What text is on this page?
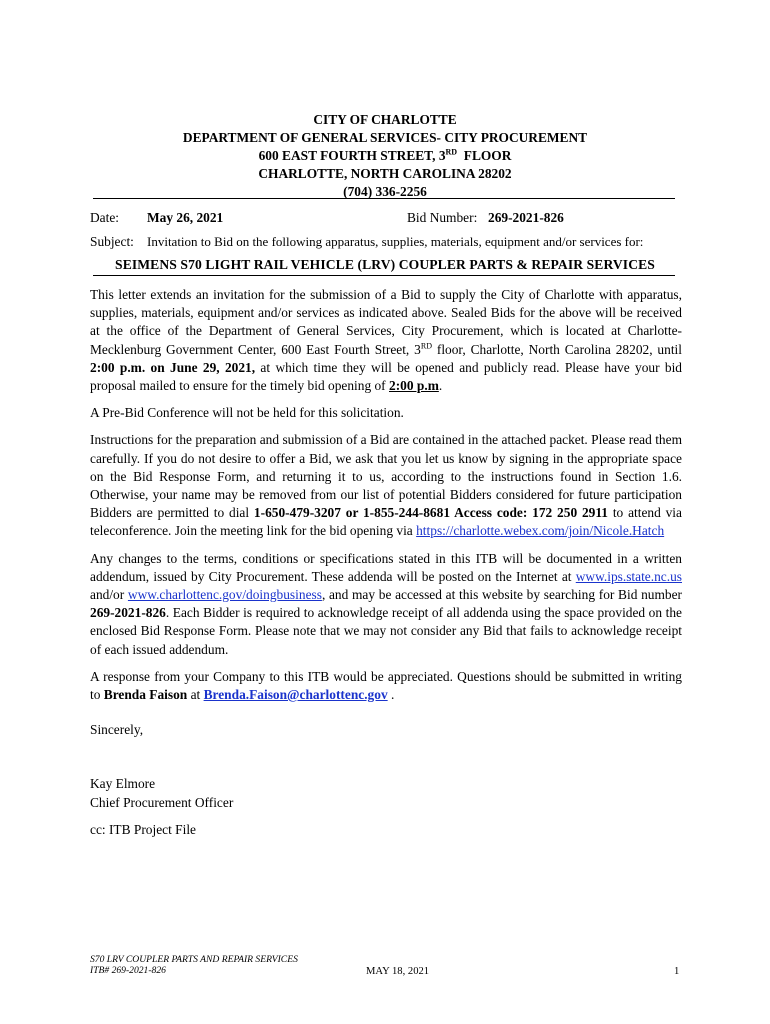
CITY OF CHARLOTTE
DEPARTMENT OF GENERAL SERVICES- CITY PROCUREMENT
600 EAST FOURTH STREET, 3RD  FLOOR
CHARLOTTE, NORTH CAROLINA 28202
(704) 336-2256
Date: May 26, 2021	Bid Number: 269-2021-826
Subject: Invitation to Bid on the following apparatus, supplies, materials, equipment and/or services for:
SEIMENS S70 LIGHT RAIL VEHICLE (LRV) COUPLER PARTS & REPAIR SERVICES

This letter extends an invitation for the submission of a Bid to supply the City of Charlotte with apparatus, supplies, materials, equipment and/or services as indicated above. Sealed Bids for the above will be received at the office of the Department of General Services, City Procurement, which is located at Charlotte-Mecklenburg Government Center, 600 East Fourth Street, 3RD floor, Charlotte, North Carolina 28202, until 2:00 p.m. on June 29, 2021, at which time they will be opened and publicly read. Please have your bid proposal mailed to ensure for the timely bid opening of 2:00 p.m.

A Pre-Bid Conference will not be held for this solicitation.

Instructions for the preparation and submission of a Bid are contained in the attached packet. Please read them carefully. If you do not desire to offer a Bid, we ask that you let us know by signing in the appropriate space on the Bid Response Form, and returning it to us, according to the instructions found in Section 1.6. Otherwise, your name may be removed from our list of potential Bidders considered for future participation Bidders are permitted to dial 1-650-479-3207 or 1-855-244-8681 Access code: 172 250 2911 to attend via teleconference. Join the meeting link for the bid opening via https://charlotte.webex.com/join/Nicole.Hatch

Any changes to the terms, conditions or specifications stated in this ITB will be documented in a written addendum, issued by City Procurement. These addenda will be posted on the Internet at www.ips.state.nc.us and/or www.charlottenc.gov/doingbusiness, and may be accessed at this website by searching for Bid number 269-2021-826. Each Bidder is required to acknowledge receipt of all addenda using the space provided on the enclosed Bid Response Form. Please note that we may not consider any Bid that fails to acknowledge receipt of each issued addendum.

A response from your Company to this ITB would be appreciated. Questions should be submitted in writing to Brenda Faison at Brenda.Faison@charlottenc.gov .

Sincerely,

Kay Elmore
Chief Procurement Officer
cc: ITB Project File
S70 LRV COUPLER PARTS AND REPAIR SERVICES
ITB# 269-2021-826	MAY 18, 2021	1
